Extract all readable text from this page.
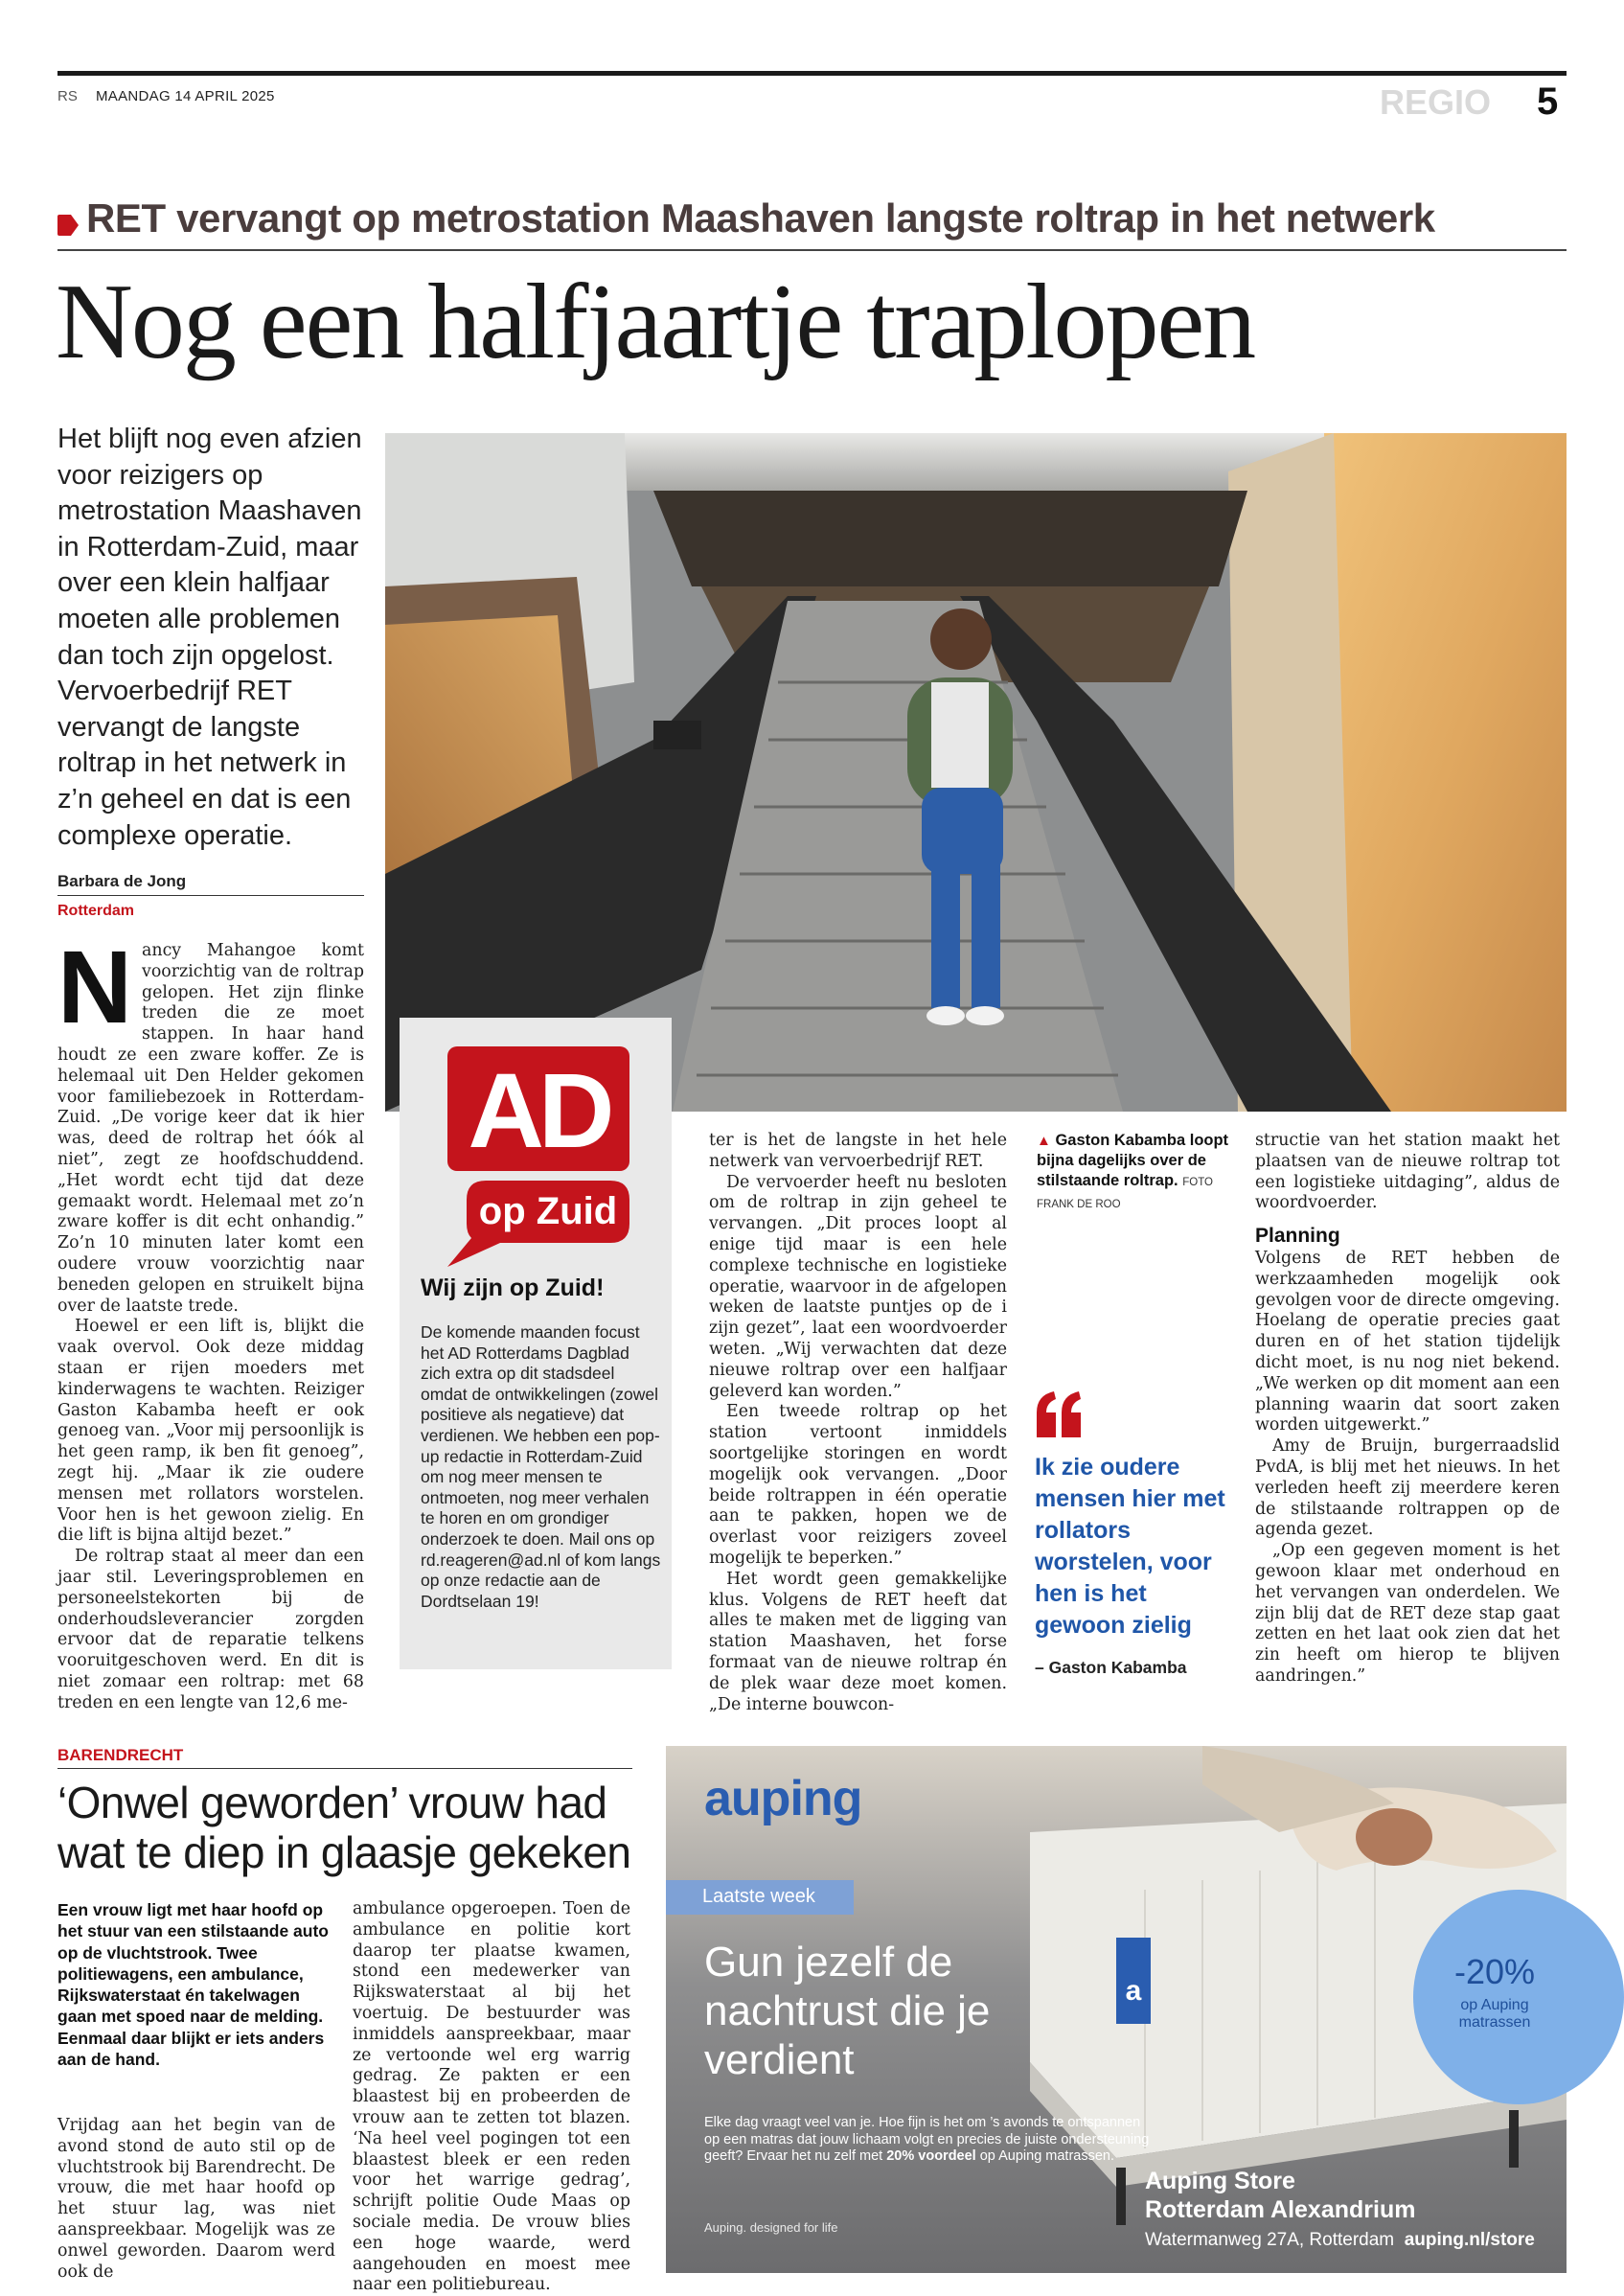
RS MAANDAG 14 APRIL 2025	REGIO 5
RET vervangt op metrostation Maashaven langste roltrap in het netwerk
Nog een halfjaartje traplopen
Het blijft nog even afzien voor reizigers op metrostation Maashaven in Rotterdam-Zuid, maar over een klein halfjaar moeten alle problemen dan toch zijn opgelost. Vervoerbedrijf RET vervangt de langste roltrap in het netwerk in z’n geheel en dat is een complexe operatie.
Barbara de Jong
Rotterdam
N ancy Mahangoe komt voorzichtig van de roltrap gelopen. Het zijn flinke treden die ze moet stappen. In haar hand houdt ze een zware koffer. Ze is helemaal uit Den Helder gekomen voor familiebezoek in Rotterdam-Zuid. „De vorige keer dat ik hier was, deed de roltrap het óók al niet”, zegt ze hoofdschuddend. „Het wordt echt tijd dat deze gemaakt wordt. Helemaal met zo’n zware koffer is dit echt onhandig.” Zo’n 10 minuten later komt een oudere vrouw voorzichtig naar beneden gelopen en struikelt bijna over de laatste trede.

Hoewel er een lift is, blijkt die vaak overvol. Ook deze middag staan er rijen moeders met kinderwagens te wachten. Reiziger Gaston Kabamba heeft er ook genoeg van. „Voor mij persoonlijk is het geen ramp, ik ben fit genoeg”, zegt hij. „Maar ik zie oudere mensen met rollators worstelen. Voor hen is het gewoon zielig. En die lift is bijna altijd bezet.”

De roltrap staat al meer dan een jaar stil. Leveringsproblemen en personeelstekorten bij de onderhoudsleverancier zorgden ervoor dat de reparatie telkens vooruitgeschoven werd. En dit is niet zomaar een roltrap: met 68 treden en een lengte van 12,6 me-

AD
op Zuid
Wij zijn op Zuid!
De komende maanden focust het AD Rotterdams Dagblad zich extra op dit stadsdeel omdat de ontwikkelingen (zowel positieve als negatieve) dat verdienen. We hebben een pop-up redactie in Rotterdam-Zuid om nog meer mensen te ontmoeten, nog meer verhalen te horen en om grondiger onderzoek te doen. Mail ons op rd.reageren@ad.nl of kom langs op onze redactie aan de Dordtselaan 19!

ter is het de langste in het hele netwerk van vervoerbedrijf RET.

De vervoerder heeft nu besloten om de roltrap in zijn geheel te vervangen. „Dit proces loopt al enige tijd maar is een hele complexe technische en logistieke operatie, waarvoor in de afgelopen weken de laatste puntjes op de i zijn gezet”, laat een woordvoerder weten. „Wij verwachten dat deze nieuwe roltrap over een halfjaar geleverd kan worden.”

Een tweede roltrap op het station vertoont inmiddels soortgelijke storingen en wordt mogelijk ook vervangen. „Door beide roltrappen in één operatie aan te pakken, hopen we de overlast voor reizigers zoveel mogelijk te beperken.”

Het wordt geen gemakkelijke klus. Volgens de RET heeft dat alles te maken met de ligging van station Maashaven, het forse formaat van de nieuwe roltrap én de plek waar deze moet komen. „De interne bouwcon-

▲ Gaston Kabamba loopt bijna dagelijks over de stilstaande roltrap. FOTO FRANK DE ROO
Ik zie oudere mensen hier met rollators worstelen, voor hen is het gewoon zielig
– Gaston Kabamba

structie van het station maakt het plaatsen van de nieuwe roltrap tot een logistieke uitdaging”, aldus de woordvoerder.

Planning

Volgens de RET hebben de werkzaamheden mogelijk ook gevolgen voor de directe omgeving. Hoelang de operatie precies gaat duren en of het station tijdelijk dicht moet, is nu nog niet bekend. „We werken op dit moment aan een planning waarin dat soort zaken worden uitgewerkt.”

Amy de Bruijn, burgerraadslid PvdA, is blij met het nieuws. In het verleden heeft zij meerdere keren de stilstaande roltrappen op de agenda gezet.

„Op een gegeven moment is het gewoon klaar met onderhoud en het vervangen van onderdelen. We zijn blij dat de RET deze stap gaat zetten en het laat ook zien dat het zin heeft om hierop te blijven aandringen.”

BARENDRECHT
‘Onwel geworden’ vrouw had wat te diep in glaasje gekeken
Een vrouw ligt met haar hoofd op het stuur van een stilstaande auto op de vluchtstrook. Twee politiewagens, een ambulance, Rijkswaterstaat én takelwagen gaan met spoed naar de melding. Eenmaal daar blijkt er iets anders aan de hand.

Vrijdag aan het begin van de avond stond de auto stil op de vluchtstrook bij Barendrecht. De vrouw, die met haar hoofd op het stuur lag, was niet aanspreekbaar. Mogelijk was ze onwel geworden. Daarom werd ook de

ambulance opgeroepen. Toen de ambulance en politie kort daarop ter plaatse kwamen, stond een medewerker van Rijkswaterstaat al bij het voertuig. De bestuurder was inmiddels aanspreekbaar, maar ze vertoonde wel erg warrig gedrag. Ze pakten er een blaastest bij en probeerden de vrouw aan te zetten tot blazen. ‘Na heel veel pogingen tot een blaastest bleek er een reden voor het warrige gedrag’, schrijft politie Oude Maas op sociale media. De vrouw blies een hoge waarde, werd aangehouden en moest mee naar een politiebureau.

a
auping
Laatste week
Gun jezelf de nachtrust die je verdient
Elke dag vraagt veel van je. Hoe fijn is het om ’s avonds te ontspannen op een matras dat jouw lichaam volgt en precies de juiste ondersteuning geeft? Ervaar het nu zelf met 20% voordeel op Auping matrassen.
Auping. designed for life
Auping Store
Rotterdam Alexandrium
Watermanweg 27A, Rotterdam auping.nl/store
-20%
op Auping matrassen
